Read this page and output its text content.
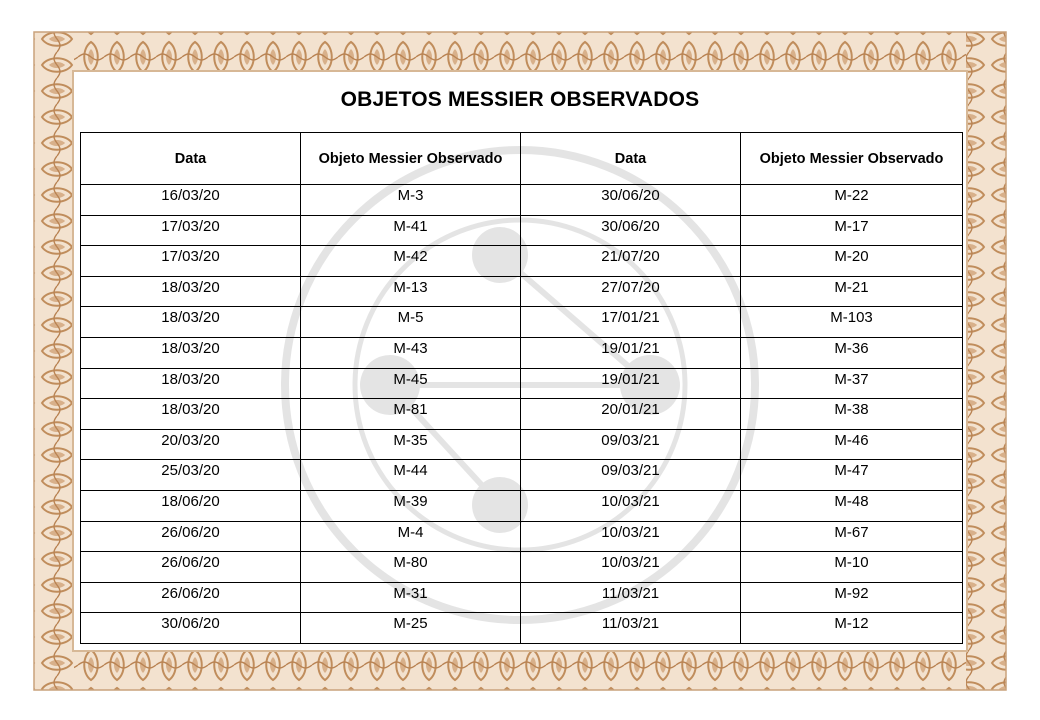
OBJETOS MESSIER OBSERVADOS
Data	Objeto Messier Observado	Data	Objeto Messier Observado
16/03/20	M-3	30/06/20	M-22
17/03/20	M-41	30/06/20	M-17
17/03/20	M-42	21/07/20	M-20
18/03/20	M-13	27/07/20	M-21
18/03/20	M-5	17/01/21	M-103
18/03/20	M-43	19/01/21	M-36
18/03/20	M-45	19/01/21	M-37
18/03/20	M-81	20/01/21	M-38
20/03/20	M-35	09/03/21	M-46
25/03/20	M-44	09/03/21	M-47
18/06/20	M-39	10/03/21	M-48
26/06/20	M-4	10/03/21	M-67
26/06/20	M-80	10/03/21	M-10
26/06/20	M-31	11/03/21	M-92
30/06/20	M-25	11/03/21	M-12
